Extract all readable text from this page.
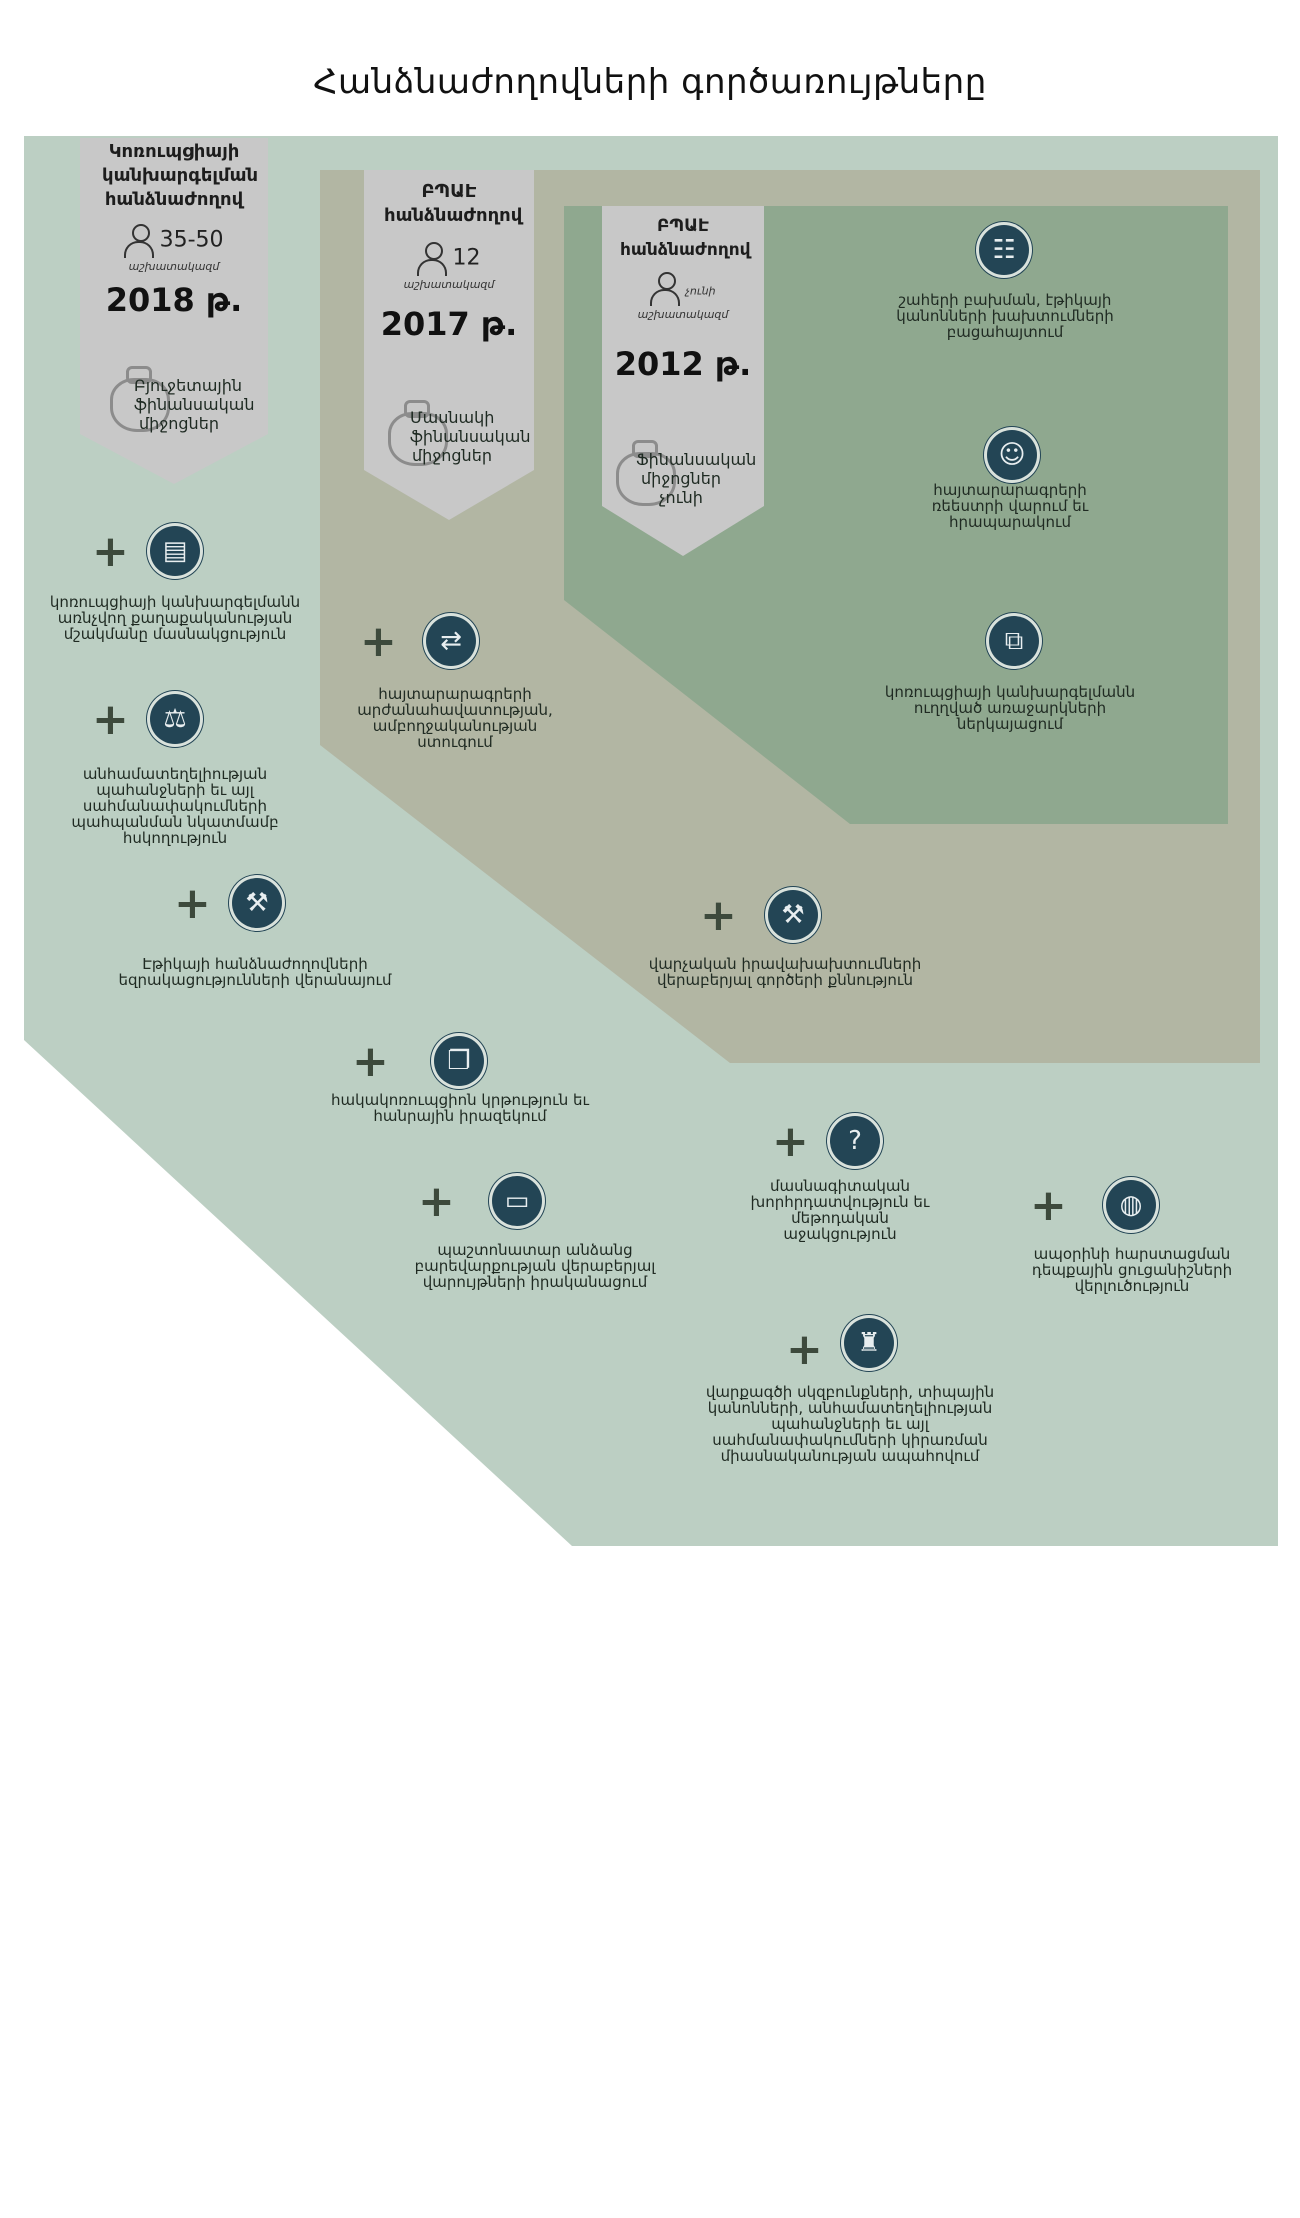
Հանձնաժողովների գործառույթները
Կոռուպցիայի կանխարգելման հանձնաժողով
35-50
աշխատակազմ
2018 թ.
Բյուջետային ֆինանսական միջոցներ
ԲՊԱԷ հանձնաժողով
12
աշխատակազմ
2017 թ.
Մասնակի ֆինանսական միջոցներ
ԲՊԱԷ հանձնաժողով
չունի
աշխատակազմ
2012 թ.
Ֆինանսական միջոցներ չունի
☷
շահերի բախման, էթիկայի կանոնների խախտումների բացահայտում
☺
հայտարարագրերի ռեեստրի վարում եւ հրապարակում
⧉
կոռուպցիայի կանխարգելմանն ուղղված առաջարկների ներկայացում
+	⇄
հայտարարագրերի արժանահավատության, ամբողջականության ստուգում
+	⚒
վարչական իրավախախտումների վերաբերյալ գործերի քննություն
+	▤
կոռուպցիայի կանխարգելմանն առնչվող քաղաքականության մշակմանը մասնակցություն
+	⚖
անհամատեղելիության պահանջների եւ այլ սահմանափակումների պահպանման նկատմամբ հսկողություն
+	⚒
Էթիկայի հանձնաժողովների եզրակացությունների վերանայում
+	❐
հակակոռուպցիոն կրթություն եւ հանրային իրազեկում
+	▭
պաշտոնատար անձանց բարեվարքության վերաբերյալ վարույթների իրականացում
+	?
մասնագիտական խորհրդատվություն եւ մեթոդական աջակցություն
+	◍
ապօրինի հարստացման դեպքային ցուցանիշների վերլուծություն
+	♜
վարքագծի սկզբունքների, տիպային կանոնների, անհամատեղելիության պահանջների եւ այլ սահմանափակումների կիրառման միասնականության ապահովում
